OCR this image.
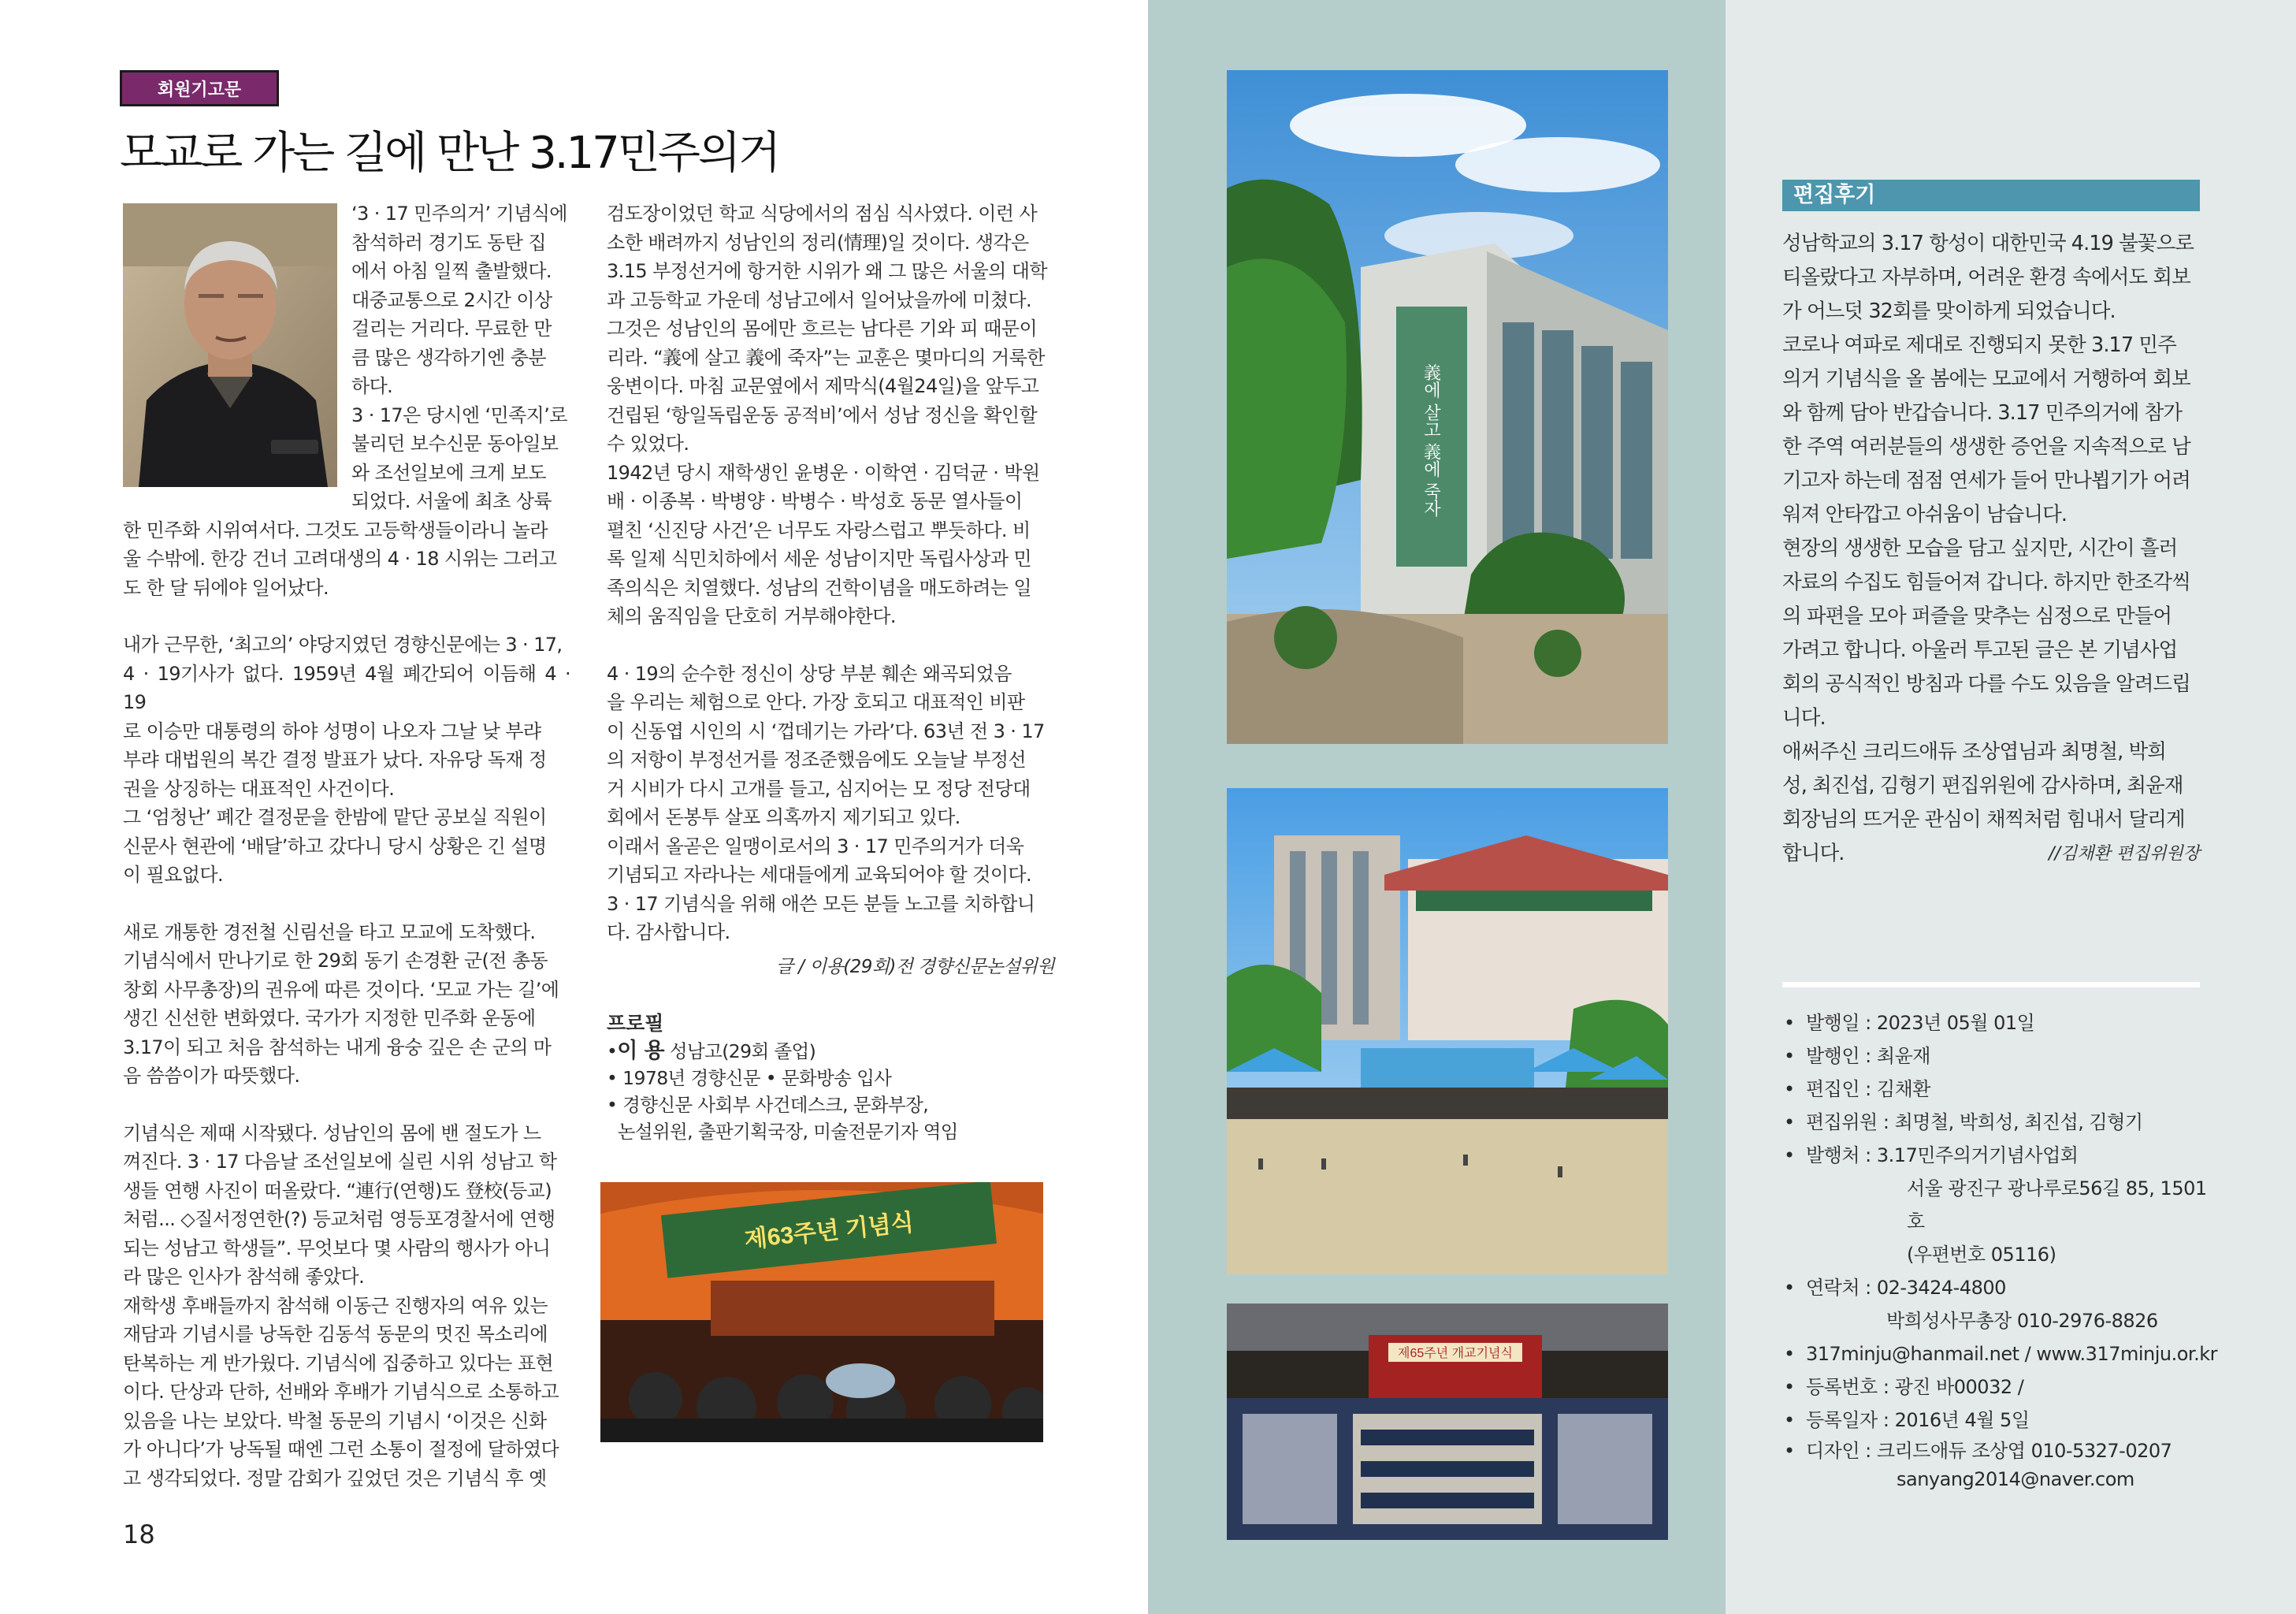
회원기고문
모교로 가는 길에 만난 3.17민주의거

‘3 · 17 민주의거’ 기념식에
참석하러 경기도 동탄 집
에서 아침 일찍 출발했다.
대중교통으로 2시간 이상
걸리는 거리다. 무료한 만
큼 많은 생각하기엔 충분
하다.
3 · 17은 당시엔 ‘민족지’로
불리던 보수신문 동아일보
와 조선일보에 크게 보도
되었다. 서울에 최초 상륙

한 민주화 시위여서다. 그것도 고등학생들이라니 놀라
울 수밖에. 한강 건너 고려대생의 4 · 18 시위는 그러고
도 한 달 뒤에야 일어났다.

내가 근무한, ‘최고의’ 야당지였던 경향신문에는 3 · 17,
4 · 19기사가 없다. 1959년 4월 폐간되어 이듬해 4 · 19
로 이승만 대통령의 하야 성명이 나오자 그날 낮 부랴
부랴 대법원의 복간 결정 발표가 났다. 자유당 독재 정
권을 상징하는 대표적인 사건이다.
그 ‘엄청난’ 폐간 결정문을 한밤에 맡단 공보실 직원이
신문사 현관에 ‘배달’하고 갔다니 당시 상황은 긴 설명
이 필요없다.

새로 개통한 경전철 신림선을 타고 모교에 도착했다.
기념식에서 만나기로 한 29회 동기 손경환 군(전 총동
창회 사무총장)의 권유에 따른 것이다. ‘모교 가는 길’에
생긴 신선한 변화였다. 국가가 지정한 민주화 운동에
3.17이 되고 처음 참석하는 내게 융숭 깊은 손 군의 마
음 씀씀이가 따뜻했다.

기념식은 제때 시작됐다. 성남인의 몸에 밴 절도가 느
껴진다. 3 · 17 다음날 조선일보에 실린 시위 성남고 학
생들 연행 사진이 떠올랐다. “連行(연행)도 登校(등교)
처럼... ◇질서정연한(?) 등교처럼 영등포경찰서에 연행
되는 성남고 학생들”. 무엇보다 몇 사람의 행사가 아니
라 많은 인사가 참석해 좋았다.
재학생 후배들까지 참석해 이동근 진행자의 여유 있는
재담과 기념시를 낭독한 김동석 동문의 멋진 목소리에
탄복하는 게 반가웠다. 기념식에 집중하고 있다는 표현
이다. 단상과 단하, 선배와 후배가 기념식으로 소통하고
있음을 나는 보았다. 박철 동문의 기념시 ‘이것은 신화
가 아니다’가 낭독될 때엔 그런 소통이 절정에 달하였다
고 생각되었다. 정말 감회가 깊었던 것은 기념식 후 옛

검도장이었던 학교 식당에서의 점심 식사였다. 이런 사
소한 배려까지 성남인의 정리(情理)일 것이다. 생각은
3.15 부정선거에 항거한 시위가 왜 그 많은 서울의 대학
과 고등학교 가운데 성남고에서 일어났을까에 미쳤다.
그것은 성남인의 몸에만 흐르는 남다른 기와 피 때문이
리라. “義에 살고 義에 죽자”는 교훈은 몇마디의 거룩한
웅변이다. 마침 교문옆에서 제막식(4월24일)을 앞두고
건립된 ‘항일독립운동 공적비’에서 성남 정신을 확인할
수 있었다.
1942년 당시 재학생인 윤병운 · 이학연 · 김덕균 · 박원
배 · 이종복 · 박병양 · 박병수 · 박성호 동문 열사들이
펼친 ‘신진당 사건’은 너무도 자랑스럽고 뿌듯하다. 비
록 일제 식민치하에서 세운 성남이지만 독립사상과 민
족의식은 치열했다. 성남의 건학이념을 매도하려는 일
체의 움직임을 단호히 거부해야한다.

4 · 19의 순수한 정신이 상당 부분 훼손 왜곡되었음
을 우리는 체험으로 안다. 가장 호되고 대표적인 비판
이 신동엽 시인의 시 ‘껍데기는 가라’다. 63년 전 3 · 17
의 저항이 부정선거를 정조준했음에도 오늘날 부정선
거 시비가 다시 고개를 들고, 심지어는 모 정당 전당대
회에서 돈봉투 살포 의혹까지 제기되고 있다.
이래서 올곧은 일맹이로서의 3 · 17 민주의거가 더욱
기념되고 자라나는 세대들에게 교육되어야 할 것이다.
3 · 17 기념식을 위해 애쓴 모든 분들 노고를 치하합니
다. 감사합니다.

글 / 이용(29회)전 경향신문논설위원

프로필

•이 용 성남고(29회 졸업)
• 1978년 경향신문 • 문화방송 입사
• 경향신문 사회부 사건데스크, 문화부장,
논설위원, 출판기획국장, 미술전문기자 역임
제63주년 기념식
18
義에 살고 義에 죽자
제65주년 개교기념식
편집후기

성남학교의 3.17 항성이 대한민국 4.19 불꽃으로
티올랐다고 자부하며, 어려운 환경 속에서도 회보
가 어느덧 32회를 맞이하게 되었습니다.

코로나 여파로 제대로 진행되지 못한 3.17 민주
의거 기념식을 올 봄에는 모교에서 거행하여 회보
와 함께 담아 반갑습니다. 3.17 민주의거에 참가
한 주역 여러분들의 생생한 증언을 지속적으로 남
기고자 하는데 점점 연세가 들어 만나뵙기가 어려
워져 안타깝고 아쉬움이 남습니다.

현장의 생생한 모습을 담고 싶지만, 시간이 흘러
자료의 수집도 힘들어져 갑니다. 하지만 한조각씩
의 파편을 모아 퍼즐을 맞추는 심정으로 만들어
가려고 합니다. 아울러 투고된 글은 본 기념사업
회의 공식적인 방침과 다를 수도 있음을 알려드립
니다.

애써주신 크리드애듀 조상엽님과 최명철, 박희
성, 최진섭, 김형기 편집위원에 감사하며, 최윤재
회장님의 뜨거운 관심이 채찍처럼 힘내서 달리게
합니다.	//김채환 편집위원장
• 발행일 : 2023년 05월 01일
• 발행인 : 최윤재
• 편집인 : 김채환
• 편집위원 : 최명철, 박희성, 최진섭, 김형기
• 발행처 : 3.17민주의거기념사업회
서울 광진구 광나루로56길 85, 1501호
(우편번호 05116)
• 연락처 : 02-3424-4800
박희성사무총장 010-2976-8826
• 317minju@hanmail.net / www.317minju.or.kr
• 등록번호 : 광진 바00032 /
• 등록일자 : 2016년 4월 5일
• 디자인 : 크리드애듀 조상엽 010-5327-0207
sanyang2014@naver.com
